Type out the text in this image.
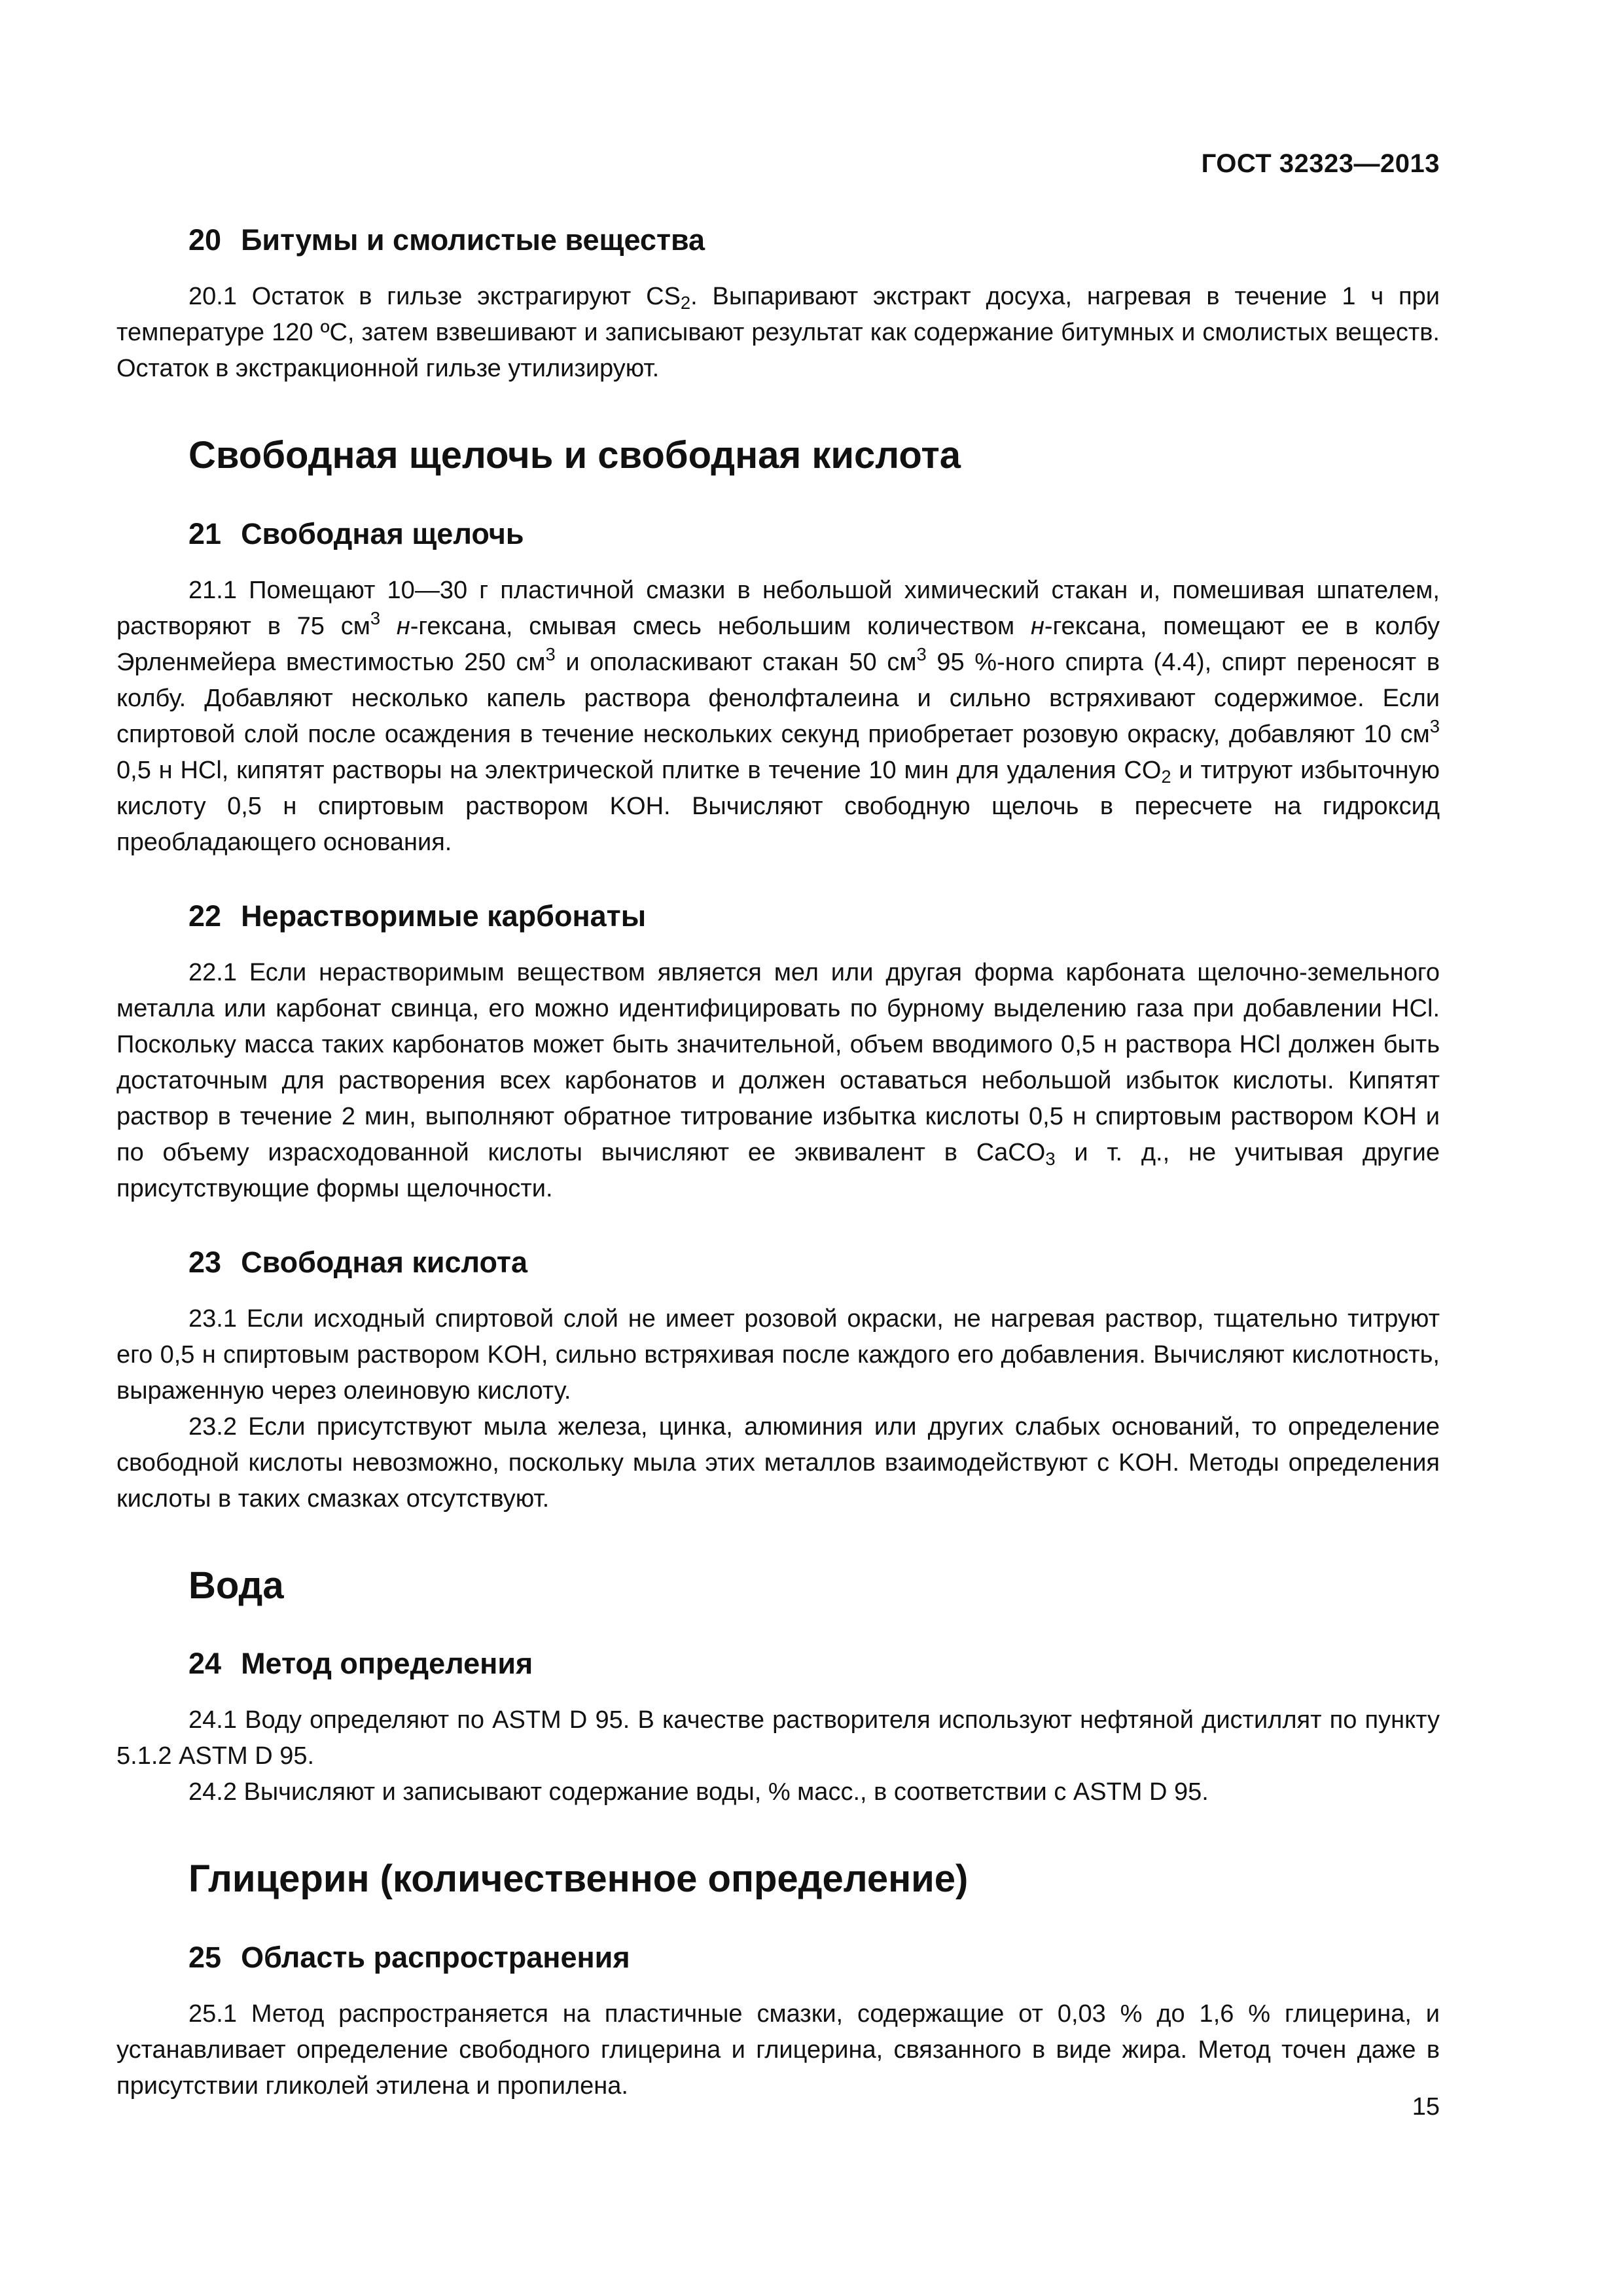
ГОСТ 32323—2013
20 Битумы и смолистые вещества

20.1 Остаток в гильзе экстрагируют $CS_2$. Выпаривают экстракт досуха, нагревая в течение 1 ч при температуре 120 ºC, затем взвешивают и записывают результат как содержание битумных и смолистых веществ. Остаток в экстракционной гильзе утилизируют.

Свободная щелочь и свободная кислота
21 Свободная щелочь

21.1 Помещают 10—30 г пластичной смазки в небольшой химический стакан и, помешивая шпателем, растворяют в 75 $см^3$ н-гексана, смывая смесь небольшим количеством н-гексана, помещают ее в колбу Эрленмейера вместимостью 250 $см^3$ и ополаскивают стакан 50 $см^3$ 95 %-ного спирта (4.4), спирт переносят в колбу. Добавляют несколько капель раствора фенолфталеина и сильно встряхивают содержимое. Если спиртовой слой после осаждения в течение нескольких секунд приобретает розовую окраску, добавляют 10 $см^3$ 0,5 н HCl, кипятят растворы на электрической плитке в течение 10 мин для удаления $CO_2$ и титруют избыточную кислоту 0,5 н спиртовым раствором KOH. Вычисляют свободную щелочь в пересчете на гидроксид преобладающего основания.

22 Нерастворимые карбонаты

22.1 Если нерастворимым веществом является мел или другая форма карбоната щелочно-земельного металла или карбонат свинца, его можно идентифицировать по бурному выделению газа при добавлении HCl. Поскольку масса таких карбонатов может быть значительной, объем вводимого 0,5 н раствора HCl должен быть достаточным для растворения всех карбонатов и должен оставаться небольшой избыток кислоты. Кипятят раствор в течение 2 мин, выполняют обратное титрование избытка кислоты 0,5 н спиртовым раствором KOH и по объему израсходованной кислоты вычисляют ее эквивалент в CaCO$_3$ и т. д., не учитывая другие присутствующие формы щелочности.

23 Свободная кислота

23.1 Если исходный спиртовой слой не имеет розовой окраски, не нагревая раствор, тщательно титруют его 0,5 н спиртовым раствором KOH, сильно встряхивая после каждого его добавления. Вычисляют кислотность, выраженную через олеиновую кислоту.

23.2 Если присутствуют мыла железа, цинка, алюминия или других слабых оснований, то определение свободной кислоты невозможно, поскольку мыла этих металлов взаимодействуют с KOH. Методы определения кислоты в таких смазках отсутствуют.

Вода
24 Метод определения

24.1 Воду определяют по ASTM D 95. В качестве растворителя используют нефтяной дистиллят по пункту 5.1.2 ASTM D 95.

24.2 Вычисляют и записывают содержание воды, % масс., в соответствии с ASTM D 95.

Глицерин (количественное определение)
25 Область распространения

25.1 Метод распространяется на пластичные смазки, содержащие от 0,03 % до 1,6 % глицерина, и устанавливает определение свободного глицерина и глицерина, связанного в виде жира. Метод точен даже в присутствии гликолей этилена и пропилена.

15
